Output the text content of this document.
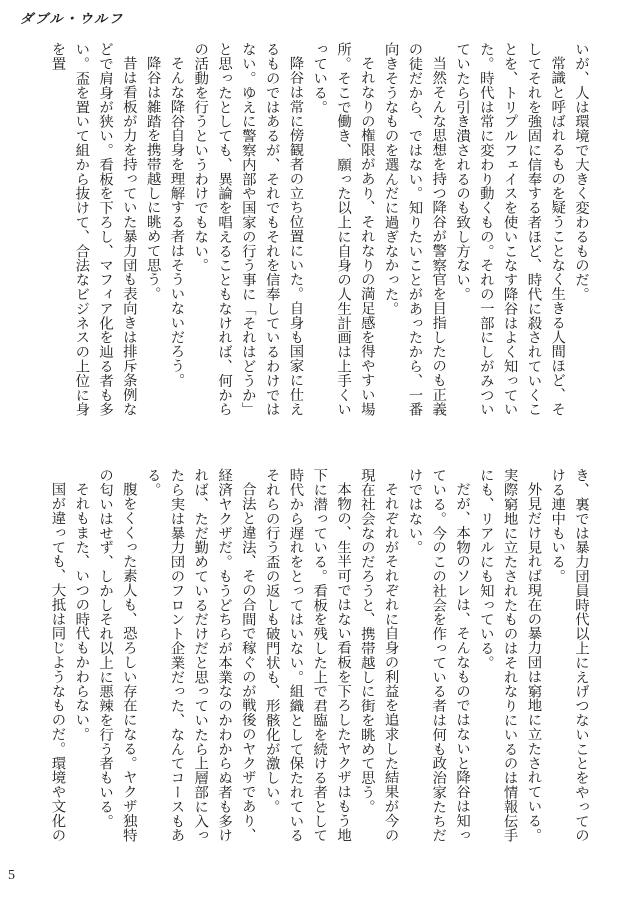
ダブル・ウルフ

いが、人は環境で大きく変わるものだ。

常識と呼ばれるものを疑うことなく生きる人間ほど、そしてそれを強固に信奉する者ほど、時代に殺されていくことを、トリプルフェイスを使いこなす降谷はよく知っていた。時代は常に変わり動くもの。それの一部にしがみついていたら引き潰されるのも致し方ない。

当然そんな思想を持つ降谷が警察官を目指したのも正義の徒だから、ではない。知りたいことがあったから、一番向きそうなものを選んだに過ぎなかった。

それなりの権限があり、それなりの満足感を得やすい場所。そこで働き、願った以上に自身の人生計画は上手くいっている。

降谷は常に傍観者の立ち位置にいた。自身も国家に仕えるものではあるが、それでもそれを信奉しているわけではない。ゆえに警察内部や国家の行う事に「それはどうか」と思ったとしても、異論を唱えることもなければ、何からの活動を行うというわけでもない。

そんな降谷自身を理解する者はそういないだろう。

降谷は雑踏を携帯越しに眺めて思う。

昔は看板が力を持っていた暴力団も表向きは排斥条例などで肩身が狭い。看板を下ろし、マフィア化を辿る者も多い。盃を置いて組から抜けて、合法なビジネスの上位に身を置

き、裏では暴力団員時代以上にえげつないことをやってのける連中もいる。

外見だけ見れば現在の暴力団は窮地に立たされている。実際窮地に立たされたものはそれなりにいるのは情報伝手にも、リアルにも知っている。

だが、本物のソレは、そんなものではないと降谷は知っている。今のこの社会を作っている者は何も政治家たちだけではない。

それぞれがそれぞれに自身の利益を追求した結果が今の現在社会なのだろうと、携帯越しに街を眺めて思う。

本物の、生半可ではない看板を下ろしたヤクザはもう地下に潜っている。看板を残した上で君臨を続ける者として時代から遅れをとってはいない。組織として保たれているそれらの行う盃の返しも破門状も、形骸化が激しい。

合法と違法、その合間で稼ぐのが戦後のヤクザであり、経済ヤクザだ。もうどちらが本業なのかわからぬ者も多ければ、ただ勤めているだけだと思っていたら上層部に入ったら実は暴力団のフロント企業だった、なんてコースもある。

腹をくくった素人も、恐ろしい存在になる。ヤクザ独特の匂いはせず、しかしそれ以上に悪辣を行う者もいる。

それもまた、いつの時代もかわらない。

国が違っても、大抵は同じようなものだ。環境や文化の

5
